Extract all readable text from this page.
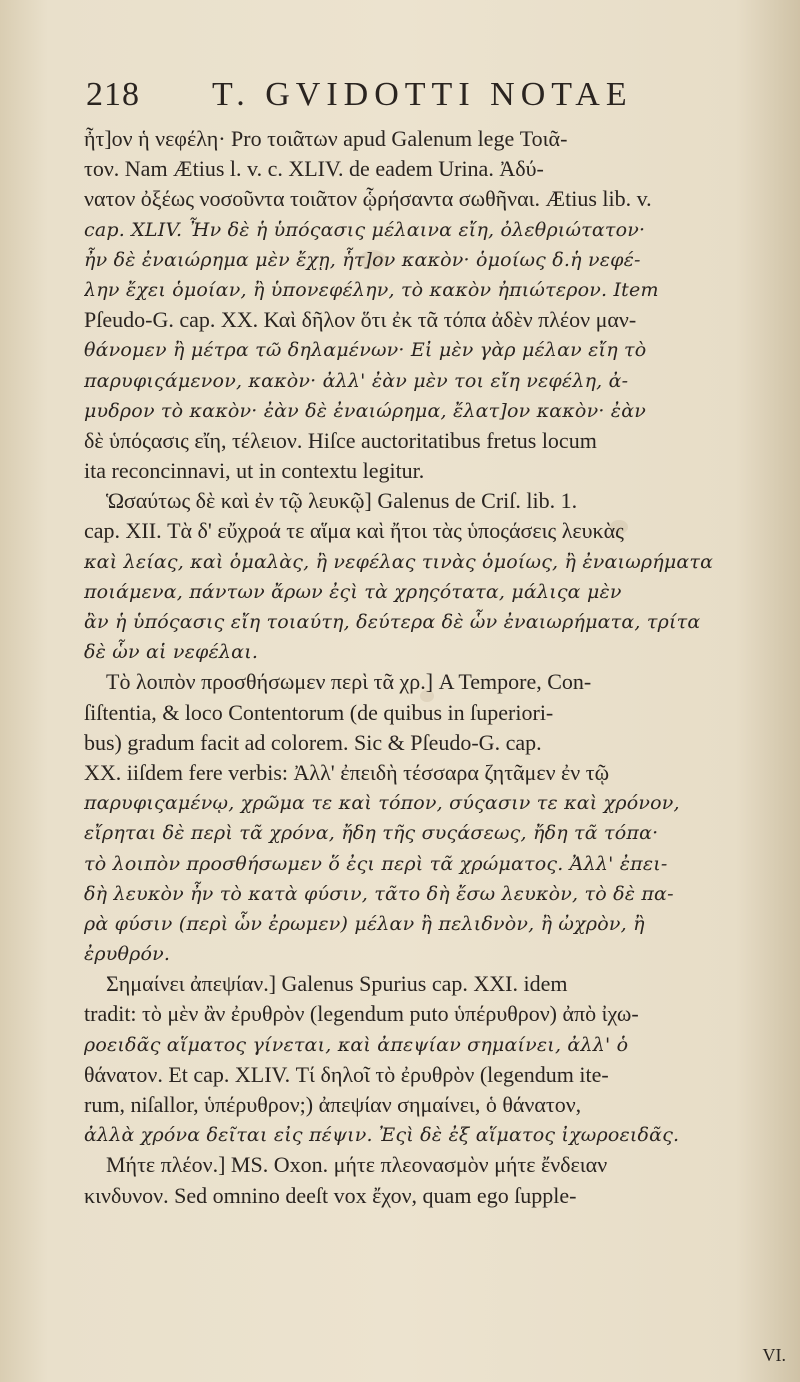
218 T. GVIDOTTI NOTAE
ἦτ]ον ἡ νεφέλη· Pro τοιᾶτων apud Galenum lege Τοιᾶ-
τον. Nam Ætius l. v. c. XLIV. de eadem Urina. Ἀδύ-
νατον ὀξέως νοσοῦντα τοιᾶτον ᾧρήσαντα σωθῆναι. Ætius lib. v.
cap. XLIV. Ἦν δὲ ἡ ὑπόςασις μέλαινα εἴη, ὀλεθριώτατον·
ἦν δὲ ἐναιώρημα μὲν ἔχῃ, ἧτ]ον κακὸν· ὁμοίως δ.ἡ νεφέ-
λην ἔχει ὁμοίαν, ἢ ὑπονεφέλην, τὸ κακὸν ἠπιώτερον. Item
Pſeudo-G. cap. XX. Καὶ δῆλον ὅτι ἐκ τᾶ τόπα ἀδὲν πλέον μαν-
θάνομεν ἢ μέτρα τῶ δηλαμένων· Εἰ μὲν γὰρ μέλαν εἴη τὸ
παρυφιςάμενον, κακὸν· ἀλλ' ἐὰν μὲν τοι εἴη νεφέλη, ἀ-
μυδρον τὸ κακὸν· ἐὰν δὲ ἐναιώρημα, ἔλατ]ον κακὸν· ἐὰν
δὲ ὑπόςασις εἴη, τέλειον. Hiſce auctoritatibus fretus locum
ita reconcinnavi, ut in contextu legitur.
Ὡσαύτως δὲ καὶ ἐν τῷ λευκῷ] Galenus de Criſ. lib. 1.
cap. XII. Τὰ δ' εὔχροά τε αἵμα καὶ ἤτοι τὰς ὑποςάσεις λευκὰς
καὶ λείας, καὶ ὁμαλὰς, ἢ νεφέλας τινὰς ὁμοίως, ἢ ἐναιωρήματα
ποιάμενα, πάντων ἄρων ἐςὶ τὰ χρηςότατα, μάλιςα μὲν
ἂν ἡ ὑπόςασις εἴη τοιαύτη, δεύτερα δὲ ὧν ἐναιωρήματα, τρίτα
δὲ ὧν αἱ νεφέλαι.
Τὸ λοιπὸν προσθήσωμεν περὶ τᾶ χρ.] A Tempore, Con-
ſiſtentia, & loco Contentorum (de quibus in ſuperiori-
bus) gradum facit ad colorem. Sic & Pſeudo-G. cap.
XX. iiſdem fere verbis: Ἀλλ' ἐπειδὴ τέσσαρα ζητᾶμεν ἐν τῷ
παρυφιςαμένῳ, χρῶμα τε καὶ τόπον, σύςασιν τε καὶ χρόνον,
εἴρηται δὲ περὶ τᾶ χρόνα, ἤδη τῆς συςάσεως, ἤδη τᾶ τόπα·
τὸ λοιπὸν προσθήσωμεν ὅ ἐςι περὶ τᾶ χρώματος. Ἀλλ' ἐπει-
δὴ λευκὸν ἦν τὸ κατὰ φύσιν, τᾶτο δὴ ἔσω λευκὸν, τὸ δὲ πα-
ρὰ φύσιν (περὶ ὧν ἐρωμεν) μέλαν ἢ πελιδνὸν, ἢ ὠχρὸν, ἢ
ἐρυθρόν.
Σημαίνει ἀπεψίαν.] Galenus Spurius cap. XXI. idem
tradit: τὸ μὲν ἂν ἐρυθρὸν (legendum puto ὑπέρυθρον) ἀπὸ ἰχω-
ροειδᾶς αἵματος γίνεται, καὶ ἀπεψίαν σημαίνει, ἀλλ' ὁ
θάνατον. Et cap. XLIV. Τί δηλοῖ τὸ ἐρυθρὸν (legendum ite-
rum, niſallor, ὑπέρυθρον;) ἀπεψίαν σημαίνει, ὁ θάνατον,
ἀλλὰ χρόνα δεῖται εἰς πέψιν. Ἐςὶ δὲ ἐξ αἵματος ἰχωροειδᾶς.
Μήτε πλέον.] MS. Oxon. μήτε πλεονασμὸν μήτε ἔνδειαν
κινδυνον. Sed omnino deeſt vox ἔχον, quam ego ſupple-
VI.
